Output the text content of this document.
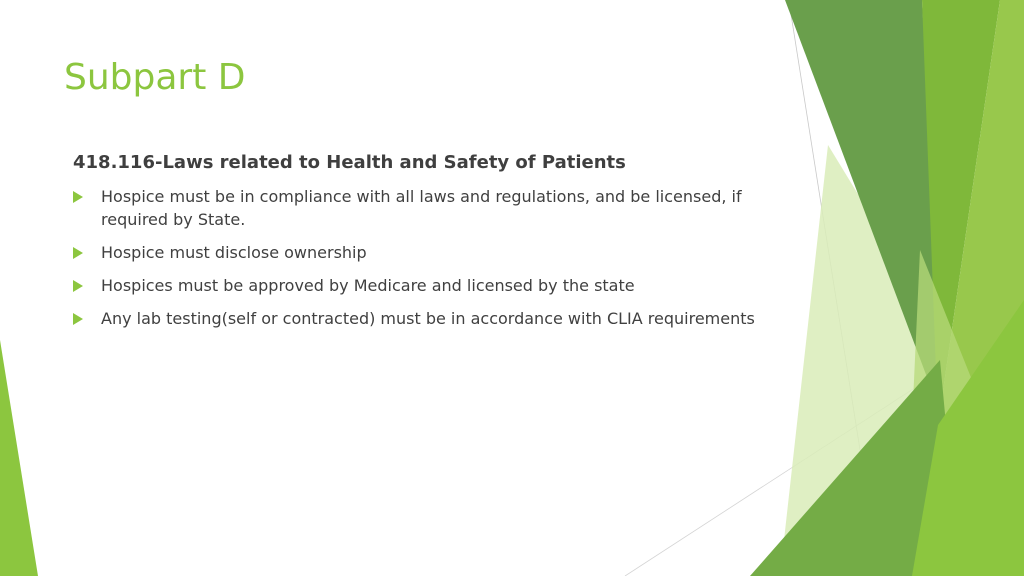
Subpart D
418.116-Laws related to Health and Safety of Patients
Hospice must be in compliance with all laws and regulations, and be licensed, if required by State.
Hospice must disclose ownership
Hospices must be approved by Medicare and licensed by the state
Any lab testing(self or contracted) must be in accordance with CLIA requirements
